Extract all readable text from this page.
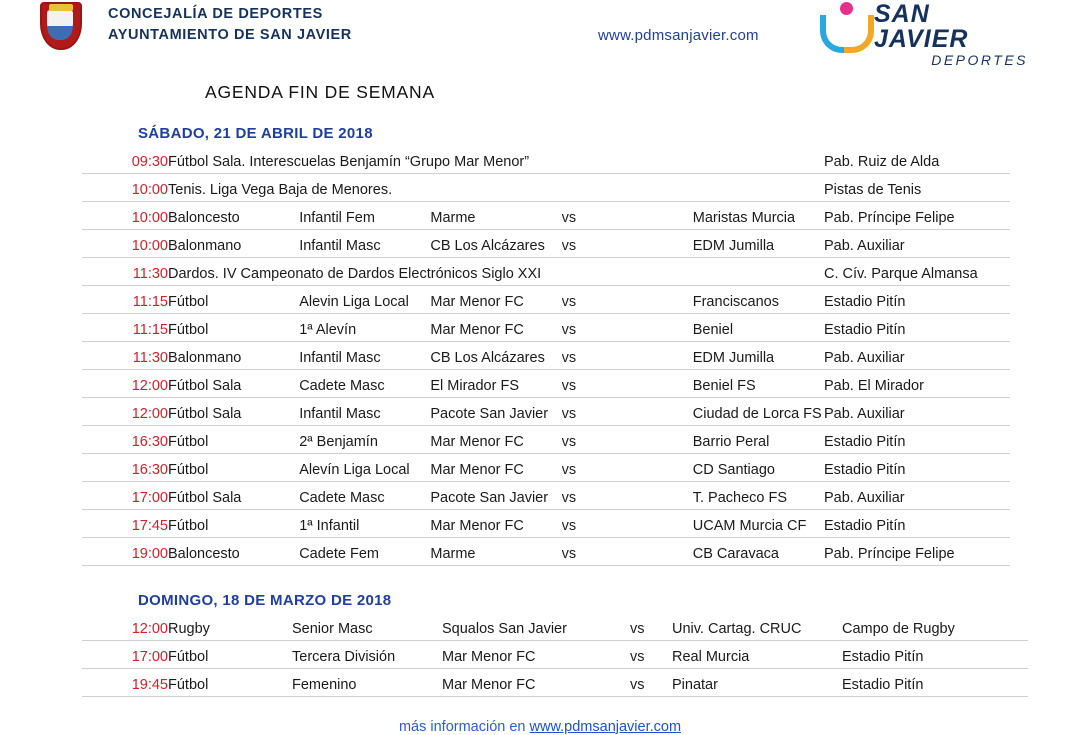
CONCEJALÍA DE DEPORTES
AYUNTAMIENTO DE SAN JAVIER	www.pdmsanjavier.com
SAN JAVIER
DEPORTES
AGENDA FIN DE SEMANA
SÁBADO, 21 DE ABRIL DE 2018
09:30	Fútbol Sala. Interescuelas Benjamín “Grupo Mar Menor”					Pab. Ruiz de Alda
10:00	Tenis. Liga Vega Baja de Menores.					Pistas de Tenis
10:00	Baloncesto	Infantil Fem	Marme	vs	Maristas Murcia	Pab. Príncipe Felipe
10:00	Balonmano	Infantil Masc	CB Los Alcázares	vs	EDM Jumilla	Pab. Auxiliar
11:30	Dardos. IV Campeonato de Dardos Electrónicos Siglo XXI					C. Cív. Parque Almansa
11:15	Fútbol	Alevin Liga Local	Mar Menor FC	vs	Franciscanos	Estadio Pitín
11:15	Fútbol	1ª Alevín	Mar Menor FC	vs	Beniel	Estadio Pitín
11:30	Balonmano	Infantil Masc	CB Los Alcázares	vs	EDM Jumilla	Pab. Auxiliar
12:00	Fútbol Sala	Cadete Masc	El Mirador FS	vs	Beniel FS	Pab. El Mirador
12:00	Fútbol Sala	Infantil Masc	Pacote San Javier	vs	Ciudad de Lorca FS	Pab. Auxiliar
16:30	Fútbol	2ª Benjamín	Mar Menor FC	vs	Barrio Peral	Estadio Pitín
16:30	Fútbol	Alevín Liga Local	Mar Menor FC	vs	CD Santiago	Estadio Pitín
17:00	Fútbol Sala	Cadete Masc	Pacote San Javier	vs	T. Pacheco FS	Pab. Auxiliar
17:45	Fútbol	1ª Infantil	Mar Menor FC	vs	UCAM Murcia CF	Estadio Pitín
19:00	Baloncesto	Cadete Fem	Marme	vs	CB Caravaca	Pab. Príncipe Felipe
DOMINGO, 18 DE MARZO DE 2018
12:00	Rugby	Senior Masc	Squalos San Javier	vs	Univ. Cartag. CRUC	Campo de Rugby
17:00	Fútbol	Tercera División	Mar Menor FC	vs	Real Murcia	Estadio Pitín
19:45	Fútbol	Femenino	Mar Menor FC	vs	Pinatar	Estadio Pitín
más información en www.pdmsanjavier.com
